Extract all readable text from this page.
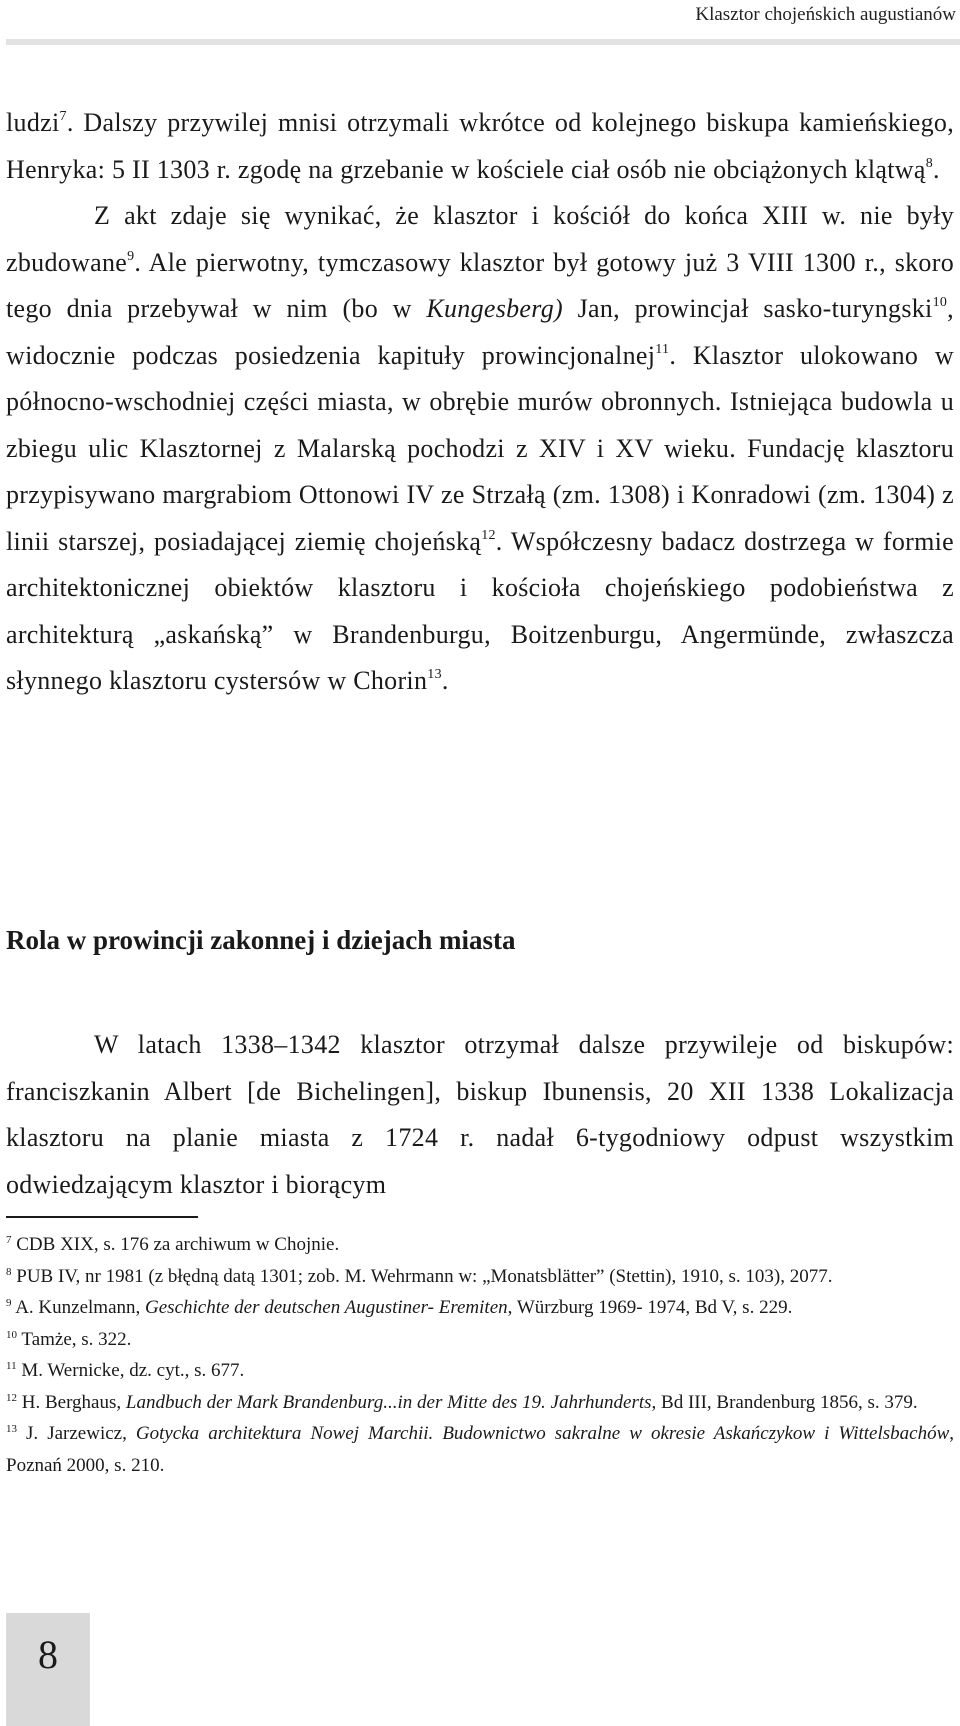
Klasztor chojeńskich augustianów

ludzi$^7$. Dalszy przywilej mnisi otrzymali wkrótce od kolejnego biskupa kamieńskiego, Henryka: 5 II 1303 r. zgodę na grzebanie w kościele ciał osób nie obciążonych klątwą$^8$.

Z akt zdaje się wynikać, że klasztor i kościół do końca XIII w. nie były zbudowane$^9$. Ale pierwotny, tymczasowy klasztor był gotowy już 3 VIII 1300 r., skoro tego dnia przebywał w nim (bo w Kungesberg) Jan, prowincjał sasko-turyngski$^{10}$, widocznie podczas posiedzenia kapituły prowincjonalnej$^{11}$. Klasztor ulokowano w północno-wschodniej części miasta, w obrębie murów obronnych. Istniejąca budowla u zbiegu ulic Klasztornej z Malarską pochodzi z XIV i XV wieku. Fundację klasztoru przypisywano margrabiom Ottonowi IV ze Strzałą (zm. 1308) i Konradowi (zm. 1304) z linii starszej, posiadającej ziemię chojeńską$^{12}$. Współczesny badacz dostrzega w formie architektonicznej obiektów klasztoru i kościoła chojeńskiego podobieństwa z architekturą „askańską” w Brandenburgu, Boitzenburgu, Angermünde, zwłaszcza słynnego klasztoru cystersów w Chorin$^{13}$.

Rola w prowincji zakonnej i dziejach miasta

W latach 1338–1342 klasztor otrzymał dalsze przywileje od biskupów: franciszkanin Albert [de Bichelingen], biskup Ibunensis, 20 XII 1338 Lokalizacja klasztoru na planie miasta z 1724 r. nadał 6-tygodniowy odpust wszystkim odwiedzającym klasztor i biorącym

$^7$ CDB XIX, s. 176 za archiwum w Chojnie.

$^8$ PUB IV, nr 1981 (z błędną datą 1301; zob. M. Wehrmann w: „Monatsblätter” (Stettin), 1910, s. 103), 2077.

$^9$ A. Kunzelmann, Geschichte der deutschen Augustiner- Eremiten, Würzburg 1969- 1974, Bd V, s. 229.

$^{10}$ Tamże, s. 322.

$^{11}$ M. Wernicke, dz. cyt., s. 677.

$^{12}$ H. Berghaus, Landbuch der Mark Brandenburg...in der Mitte des 19. Jahrhunderts, Bd III, Brandenburg 1856, s. 379.

$^{13}$ J. Jarzewicz, Gotycka architektura Nowej Marchii. Budownictwo sakralne w okresie Askańczykow i Wittelsbachów, Poznań 2000, s. 210.

8
